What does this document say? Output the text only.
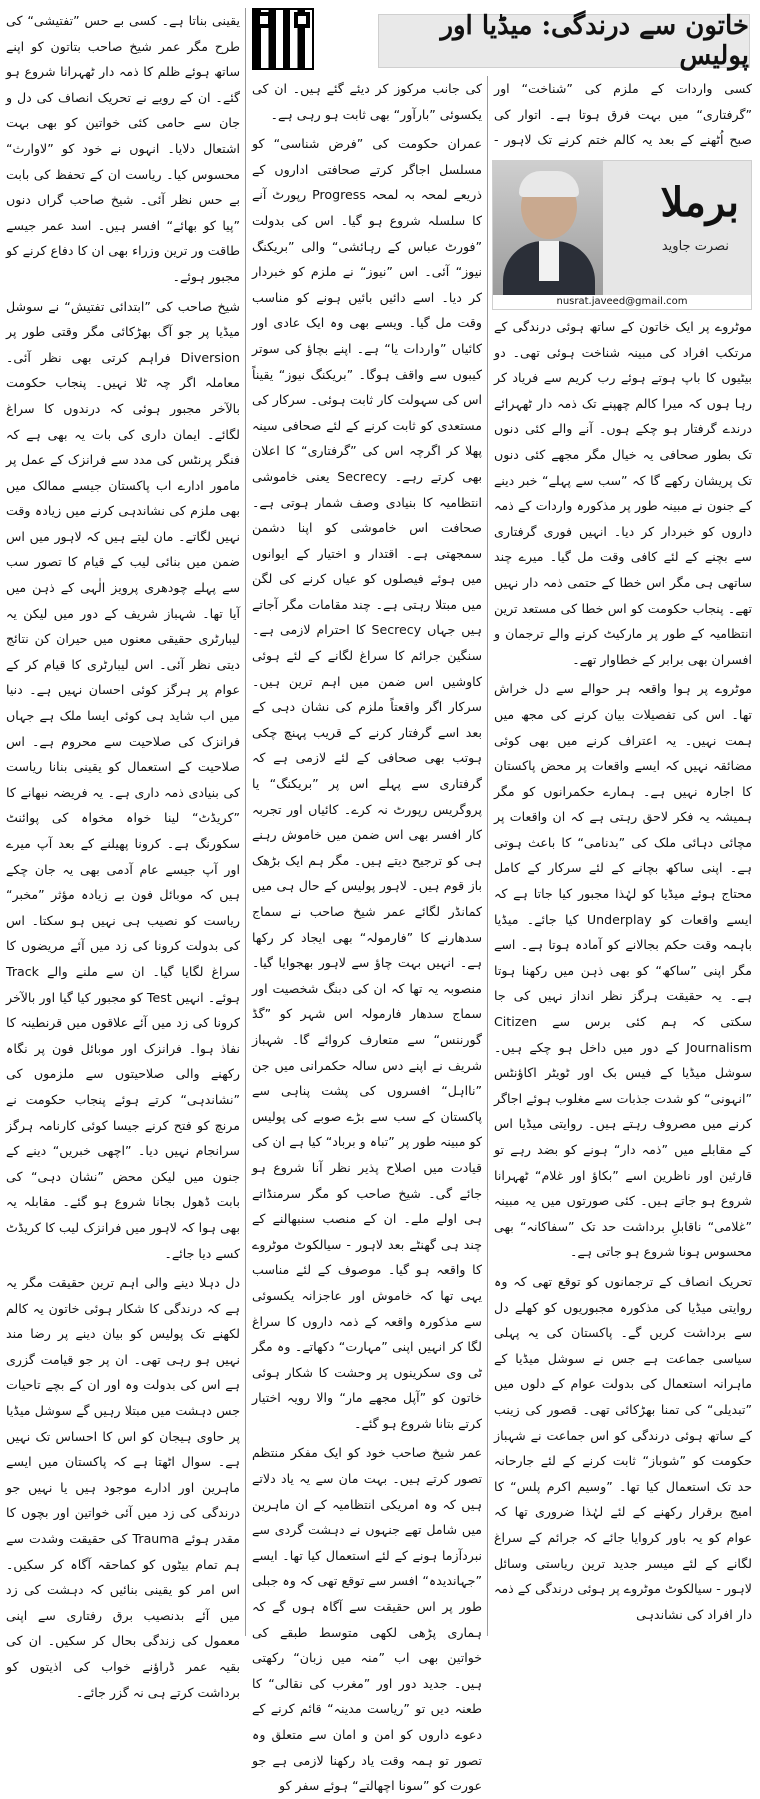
خاتون سے درندگی: میڈیا اور پولیس
کسی واردات کے ملزم کی ”شناخت“ اور ”گرفتاری“ میں بہت فرق ہوتا ہے۔ اتوار کی صبح اُٹھنے کے بعد یہ کالم ختم کرنے تک لاہور -
برملا
نصرت جاوید
nusrat.javeed@gmail.com

موٹروے پر ایک خاتون کے ساتھ ہوئی درندگی کے مرتکب افراد کی مبینہ شناخت ہوئی تھی۔ دو بیٹیوں کا باپ ہوتے ہوئے رب کریم سے فریاد کر رہا ہوں کہ میرا کالم چھپنے تک ذمہ دار ٹھہرائے درندے گرفتار ہو چکے ہوں۔ آنے والے کئی دنوں تک بطور صحافی یہ خیال مگر مجھے کئی دنوں تک پریشان رکھے گا کہ ”سب سے پہلے“ خبر دینے کے جنون نے مبینہ طور پر مذکورہ واردات کے ذمہ داروں کو خبردار کر دیا۔ انہیں فوری گرفتاری سے بچنے کے لئے کافی وقت مل گیا۔ میرے چند ساتھی ہی مگر اس خطا کے حتمی ذمہ دار نہیں تھے۔ پنجاب حکومت کو اس خطا کی مستعد ترین انتظامیہ کے طور پر مارکیٹ کرنے والے ترجمان و افسران بھی برابر کے خطاوار تھے۔

موٹروے پر ہوا واقعہ ہر حوالے سے دل خراش تھا۔ اس کی تفصیلات بیان کرنے کی مجھ میں ہمت نہیں۔ یہ اعتراف کرنے میں بھی کوئی مضائقہ نہیں کہ ایسے واقعات پر محض پاکستان کا اجارہ نہیں ہے۔ ہمارے حکمرانوں کو مگر ہمیشہ یہ فکر لاحق رہتی ہے کہ ان واقعات پر مچائی دہائی ملک کی ”بدنامی“ کا باعث ہوتی ہے۔ اپنی ساکھ بچانے کے لئے سرکار کے کامل محتاج ہوئے میڈیا کو لہٰذا مجبور کیا جاتا ہے کہ ایسے واقعات کو Underplay کیا جائے۔ میڈیا باہمہ وقت حکم بجالانے کو آمادہ ہوتا ہے۔ اسے مگر اپنی ”ساکھ“ کو بھی ذہن میں رکھنا ہوتا ہے۔ یہ حقیقت ہرگز نظر انداز نہیں کی جا سکتی کہ ہم کئی برس سے Citizen Journalism کے دور میں داخل ہو چکے ہیں۔ سوشل میڈیا کے فیس بک اور ٹویٹر اکاؤنٹس ”انہونی“ کو شدت جذبات سے مغلوب ہوئے اجاگر کرنے میں مصروف رہتے ہیں۔ روایتی میڈیا اس کے مقابلے میں ”ذمہ دار“ ہونے کو بضد رہے تو قارئین اور ناظرین اسے ”بکاؤ اور غلام“ ٹھہرانا شروع ہو جاتے ہیں۔ کئی صورتوں میں یہ مبینہ ”غلامی“ ناقابلِ برداشت حد تک ”سفاکانہ“ بھی محسوس ہونا شروع ہو جاتی ہے۔

تحریک انصاف کے ترجمانوں کو توقع تھی کہ وہ روایتی میڈیا کی مذکورہ مجبوریوں کو کھلے دل سے برداشت کریں گے۔ پاکستان کی یہ پہلی سیاسی جماعت ہے جس نے سوشل میڈیا کے ماہرانہ استعمال کی بدولت عوام کے دلوں میں ”تبدیلی“ کی تمنا بھڑکائی تھی۔ قصور کی زینب کے ساتھ ہوئی درندگی کو اس جماعت نے شہباز حکومت کو ”شوباز“ ثابت کرنے کے لئے جارحانہ حد تک استعمال کیا تھا۔ ”وسیم اکرم پلس“ کا امیج برقرار رکھنے کے لئے لہٰذا ضروری تھا کہ عوام کو یہ باور کروایا جائے کہ جرائم کے سراغ لگانے کے لئے میسر جدید ترین ریاستی وسائل لاہور - سیالکوٹ موٹروے پر ہوئی درندگی کے ذمہ دار افراد کی نشاندہی

کی جانب مرکوز کر دیئے گئے ہیں۔ ان کی یکسوئی ”بارآور“ بھی ثابت ہو رہی ہے۔

عمران حکومت کی ”فرض شناسی“ کو مسلسل اجاگر کرتے صحافتی اداروں کے ذریعے لمحہ بہ لمحہ Progress رپورٹ آنے کا سلسلہ شروع ہو گیا۔ اس کی بدولت ”فورٹ عباس کے رہائشی“ والی ”بریکنگ نیوز“ آئی۔ اس ”نیوز“ نے ملزم کو خبردار کر دیا۔ اسے دائیں بائیں ہونے کو مناسب وقت مل گیا۔ ویسے بھی وہ ایک عادی اور کائیاں ”واردات یا“ ہے۔ اپنے بچاؤ کی سوتر کیبوں سے واقف ہوگا۔ ”بریکنگ نیوز“ یقیناً اس کی سہولت کار ثابت ہوئی۔ سرکار کی مستعدی کو ثابت کرنے کے لئے صحافی سینہ پھلا کر اگرچہ اس کی ”گرفتاری“ کا اعلان بھی کرتے رہے۔ Secrecy یعنی خاموشی انتظامیہ کا بنیادی وصف شمار ہوتی ہے۔ صحافت اس خاموشی کو اپنا دشمن سمجھتی ہے۔ اقتدار و اختیار کے ایوانوں میں ہوئے فیصلوں کو عیاں کرنے کی لگن میں مبتلا رہتی ہے۔ چند مقامات مگر آجاتے ہیں جہاں Secrecy کا احترام لازمی ہے۔ سنگین جرائم کا سراغ لگانے کے لئے ہوئی کاوشیں اس ضمن میں اہم ترین ہیں۔ سرکار اگر واقعتاً ملزم کی نشان دہی کے بعد اسے گرفتار کرنے کے قریب پہنچ چکی ہوتب بھی صحافی کے لئے لازمی ہے کہ گرفتاری سے پہلے اس پر ”بریکنگ“ یا پروگریس رپورٹ نہ کرے۔ کائیاں اور تجربہ کار افسر بھی اس ضمن میں خاموش رہنے ہی کو ترجیح دیتے ہیں۔ مگر ہم ایک بڑھک باز قوم ہیں۔ لاہور پولیس کے حال ہی میں کمانڈر لگائے عمر شیخ صاحب نے سماج سدھارنے کا ”فارمولہ“ بھی ایجاد کر رکھا ہے۔ انہیں بہت چاؤ سے لاہور بھجوایا گیا۔ منصوبہ یہ تھا کہ ان کی دبنگ شخصیت اور سماج سدھار فارمولہ اس شہر کو ”گڈ گورننس“ سے متعارف کروائے گا۔ شہباز شریف نے اپنے دس سالہ حکمرانی میں جن ”نااہل“ افسروں کی پشت پناہی سے پاکستان کے سب سے بڑے صوبے کی پولیس کو مبینہ طور پر ”تباہ و برباد“ کیا ہے ان کی قیادت میں اصلاح پذیر نظر آنا شروع ہو جائے گی۔ شیخ صاحب کو مگر سرمنڈاتے ہی اولے ملے۔ ان کے منصب سنبھالنے کے چند ہی گھنٹے بعد لاہور - سیالکوٹ موٹروے کا واقعہ ہو گیا۔ موصوف کے لئے مناسب یہی تھا کہ خاموش اور عاجزانہ یکسوئی سے مذکورہ واقعہ کے ذمہ داروں کا سراغ لگا کر انہیں اپنی ”مہارت“ دکھاتے۔ وہ مگر ٹی وی سکرینوں پر وحشت کا شکار ہوئی خاتون کو ”آپل مجھے مار“ والا رویہ اختیار کرتے بتانا شروع ہو گئے۔

عمر شیخ صاحب خود کو ایک مفکر منتظم تصور کرتے ہیں۔ بہت مان سے یہ یاد دلاتے ہیں کہ وہ امریکی انتظامیہ کے ان ماہرین میں شامل تھے جنہوں نے دہشت گردی سے نبردآزما ہونے کے لئے استعمال کیا تھا۔ ایسے ”جہاندیدہ“ افسر سے توقع تھی کہ وہ جبلی طور پر اس حقیقت سے آگاہ ہوں گے کہ ہماری پڑھی لکھی متوسط طبقے کی خواتین بھی اب ”منہ میں زبان“ رکھتی ہیں۔ جدید دور اور ”مغرب کی نقالی“ کا طعنہ دیں تو ”ریاست مدینہ“ قائم کرنے کے دعوے داروں کو امن و امان سے متعلق وہ تصور تو ہمہ وقت یاد رکھنا لازمی ہے جو عورت کو ”سونا اچھالتے“ ہوئے سفر کو

یقینی بناتا ہے۔ کسی بے حس ”تفتیشی“ کی طرح مگر عمر شیخ صاحب بتاتون کو اپنے ساتھ ہوئے ظلم کا ذمہ دار ٹھہرانا شروع ہو گئے۔ ان کے رویے نے تحریک انصاف کی دل و جان سے حامی کئی خواتین کو بھی بہت اشتعال دلایا۔ انہوں نے خود کو ”لاوارث“ محسوس کیا۔ ریاست ان کے تحفظ کی بابت بے حس نظر آئی۔ شیخ صاحب گراں دنوں ”پیا کو بھائے“ افسر ہیں۔ اسد عمر جیسے طاقت ور ترین وزراء بھی ان کا دفاع کرنے کو مجبور ہوئے۔

شیخ صاحب کی ”ابتدائی تفتیش“ نے سوشل میڈیا پر جو آگ بھڑکائی مگر وقتی طور پر Diversion فراہم کرتی بھی نظر آئی۔ معاملہ اگر چہ ٹلا نہیں۔ پنجاب حکومت بالآخر مجبور ہوئی کہ درندوں کا سراغ لگائے۔ ایمان داری کی بات یہ بھی ہے کہ فنگر پرنٹس کی مدد سے فرانزک کے عمل پر مامور ادارے اب پاکستان جیسے ممالک میں بھی ملزم کی نشاندہی کرنے میں زیادہ وقت نہیں لگاتے۔ مان لیتے ہیں کہ لاہور میں اس ضمن میں بنائی لیب کے قیام کا تصور سب سے پہلے چودھری پرویز الٰہی کے ذہن میں آیا تھا۔ شہباز شریف کے دور میں لیکن یہ لیبارٹری حقیقی معنوں میں حیران کن نتائج دیتی نظر آئی۔ اس لیبارٹری کا قیام کر کے عوام پر ہرگز کوئی احسان نہیں ہے۔ دنیا میں اب شاید ہی کوئی ایسا ملک ہے جہاں فرانزک کی صلاحیت سے محروم ہے۔ اس صلاحیت کے استعمال کو یقینی بنانا ریاست کی بنیادی ذمہ داری ہے۔ یہ فریضہ نبھانے کا ”کریڈٹ“ لینا خواہ مخواہ کی پوائنٹ سکورنگ ہے۔ کرونا پھیلنے کے بعد آپ میرے اور آپ جیسے عام آدمی بھی یہ جان چکے ہیں کہ موبائل فون بے زیادہ مؤثر ”مخبر“ ریاست کو نصیب ہی نہیں ہو سکتا۔ اس کی بدولت کرونا کی زد میں آئے مریضوں کا سراغ لگایا گیا۔ ان سے ملنے والے Track ہوئے۔ انہیں Test کو مجبور کیا گیا اور بالآخر کرونا کی زد میں آئے علاقوں میں قرنطینہ کا نفاذ ہوا۔ فرانزک اور موبائل فون پر نگاہ رکھنے والی صلاحیتوں سے ملزموں کی ”نشاندہی“ کرتے ہوئے پنجاب حکومت نے مرنچ کو فتح کرنے جیسا کوئی کارنامہ ہرگز سرانجام نہیں دیا۔ ”اچھی خبریں“ دینے کے جنون میں لیکن محض ”نشان دہی“ کی بابت ڈھول بجانا شروع ہو گئے۔ مقابلہ یہ بھی ہوا کہ لاہور میں فرانزک لیب کا کریڈٹ کسے دیا جائے۔

دل دہلا دینے والی اہم ترین حقیقت مگر یہ ہے کہ درندگی کا شکار ہوئی خاتون یہ کالم لکھنے تک پولیس کو بیان دینے پر رضا مند نہیں ہو رہی تھی۔ ان پر جو قیامت گزری ہے اس کی بدولت وہ اور ان کے بچے تاحیات جس دہشت میں مبتلا رہیں گے سوشل میڈیا پر حاوی ہیجان کو اس کا احساس تک نہیں ہے۔ سوال اٹھتا ہے کہ پاکستان میں ایسے ماہرین اور ادارے موجود ہیں یا نہیں جو درندگی کی زد میں آئی خواتین اور بچوں کا مقدر ہوئے Trauma کی حقیقت وشدت سے ہم تمام بیٹوں کو کماحقہ آگاہ کر سکیں۔ اس امر کو یقینی بنائیں کہ دہشت کی زد میں آئے بدنصیب برق رفتاری سے اپنی معمول کی زندگی بحال کر سکیں۔ ان کی بقیہ عمر ڈراؤنے خواب کی اذیتوں کو برداشت کرتے ہی نہ گزر جائے۔
